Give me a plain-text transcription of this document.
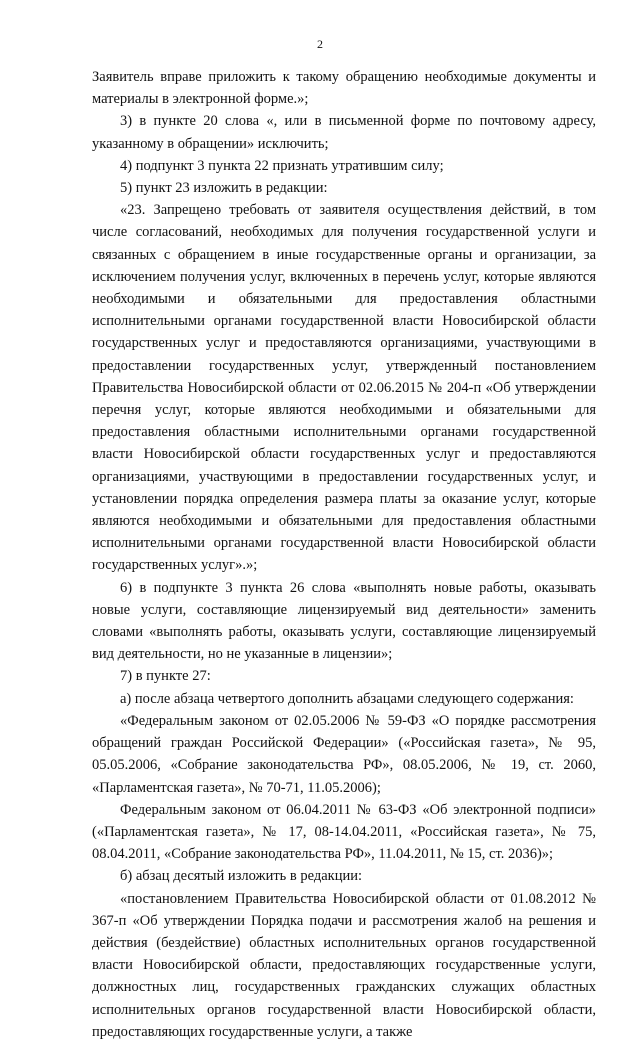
2

Заявитель вправе приложить к такому обращению необходимые документы и материалы в электронной форме.»;

3) в пункте 20 слова «, или в письменной форме по почтовому адресу, указанному в обращении» исключить;

4) подпункт 3 пункта 22 признать утратившим силу;

5) пункт 23 изложить в редакции:

«23. Запрещено требовать от заявителя осуществления действий, в том числе согласований, необходимых для получения государственной услуги и связанных с обращением в иные государственные органы и организации, за исключением получения услуг, включенных в перечень услуг, которые являются необходимыми и обязательными для предоставления областными исполнительными органами государственной власти Новосибирской области государственных услуг и предоставляются организациями, участвующими в предоставлении государственных услуг, утвержденный постановлением Правительства Новосибирской области от 02.06.2015 № 204-п «Об утверждении перечня услуг, которые являются необходимыми и обязательными для предоставления областными исполнительными органами государственной власти Новосибирской области государственных услуг и предоставляются организациями, участвующими в предоставлении государственных услуг, и установлении порядка определения размера платы за оказание услуг, которые являются необходимыми и обязательными для предоставления областными исполнительными органами государственной власти Новосибирской области государственных услуг».»;

6) в подпункте 3 пункта 26 слова «выполнять новые работы, оказывать новые услуги, составляющие лицензируемый вид деятельности» заменить словами «выполнять работы, оказывать услуги, составляющие лицензируемый вид деятельности, но не указанные в лицензии»;

7) в пункте 27:

а) после абзаца четвертого дополнить абзацами следующего содержания:

«Федеральным законом от 02.05.2006 № 59-ФЗ «О порядке рассмотрения обращений граждан Российской Федерации» («Российская газета», № 95, 05.05.2006, «Собрание законодательства РФ», 08.05.2006, № 19, ст. 2060, «Парламентская газета», № 70-71, 11.05.2006);

Федеральным законом от 06.04.2011 № 63-ФЗ «Об электронной подписи» («Парламентская газета», № 17, 08-14.04.2011, «Российская газета», № 75, 08.04.2011, «Собрание законодательства РФ», 11.04.2011, № 15, ст. 2036)»;

б) абзац десятый изложить в редакции:

«постановлением Правительства Новосибирской области от 01.08.2012 № 367-п «Об утверждении Порядка подачи и рассмотрения жалоб на решения и действия (бездействие) областных исполнительных органов государственной власти Новосибирской области, предоставляющих государственные услуги, должностных лиц, государственных гражданских служащих областных исполнительных органов государственной власти Новосибирской области, предоставляющих государственные услуги, а также
